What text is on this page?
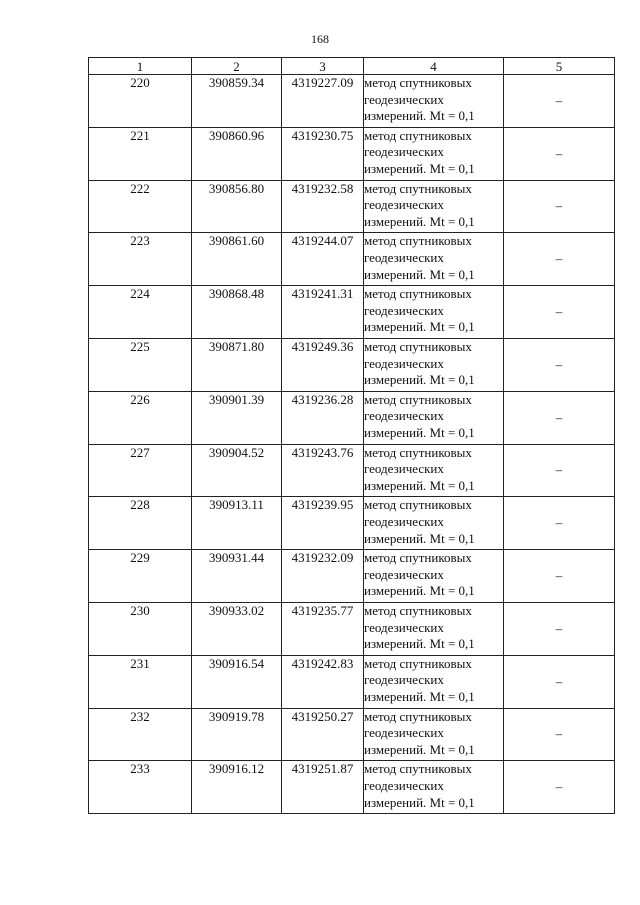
168
1	2	3	4	5
220	390859.34	4319227.09	метод спутниковых
геодезических
измерений. Mt = 0,1	–
221	390860.96	4319230.75	метод спутниковых
геодезических
измерений. Mt = 0,1	–
222	390856.80	4319232.58	метод спутниковых
геодезических
измерений. Mt = 0,1	–
223	390861.60	4319244.07	метод спутниковых
геодезических
измерений. Mt = 0,1	–
224	390868.48	4319241.31	метод спутниковых
геодезических
измерений. Mt = 0,1	–
225	390871.80	4319249.36	метод спутниковых
геодезических
измерений. Mt = 0,1	–
226	390901.39	4319236.28	метод спутниковых
геодезических
измерений. Mt = 0,1	–
227	390904.52	4319243.76	метод спутниковых
геодезических
измерений. Mt = 0,1	–
228	390913.11	4319239.95	метод спутниковых
геодезических
измерений. Mt = 0,1	–
229	390931.44	4319232.09	метод спутниковых
геодезических
измерений. Mt = 0,1	–
230	390933.02	4319235.77	метод спутниковых
геодезических
измерений. Mt = 0,1	–
231	390916.54	4319242.83	метод спутниковых
геодезических
измерений. Mt = 0,1	–
232	390919.78	4319250.27	метод спутниковых
геодезических
измерений. Mt = 0,1	–
233	390916.12	4319251.87	метод спутниковых
геодезических
измерений. Mt = 0,1	–
